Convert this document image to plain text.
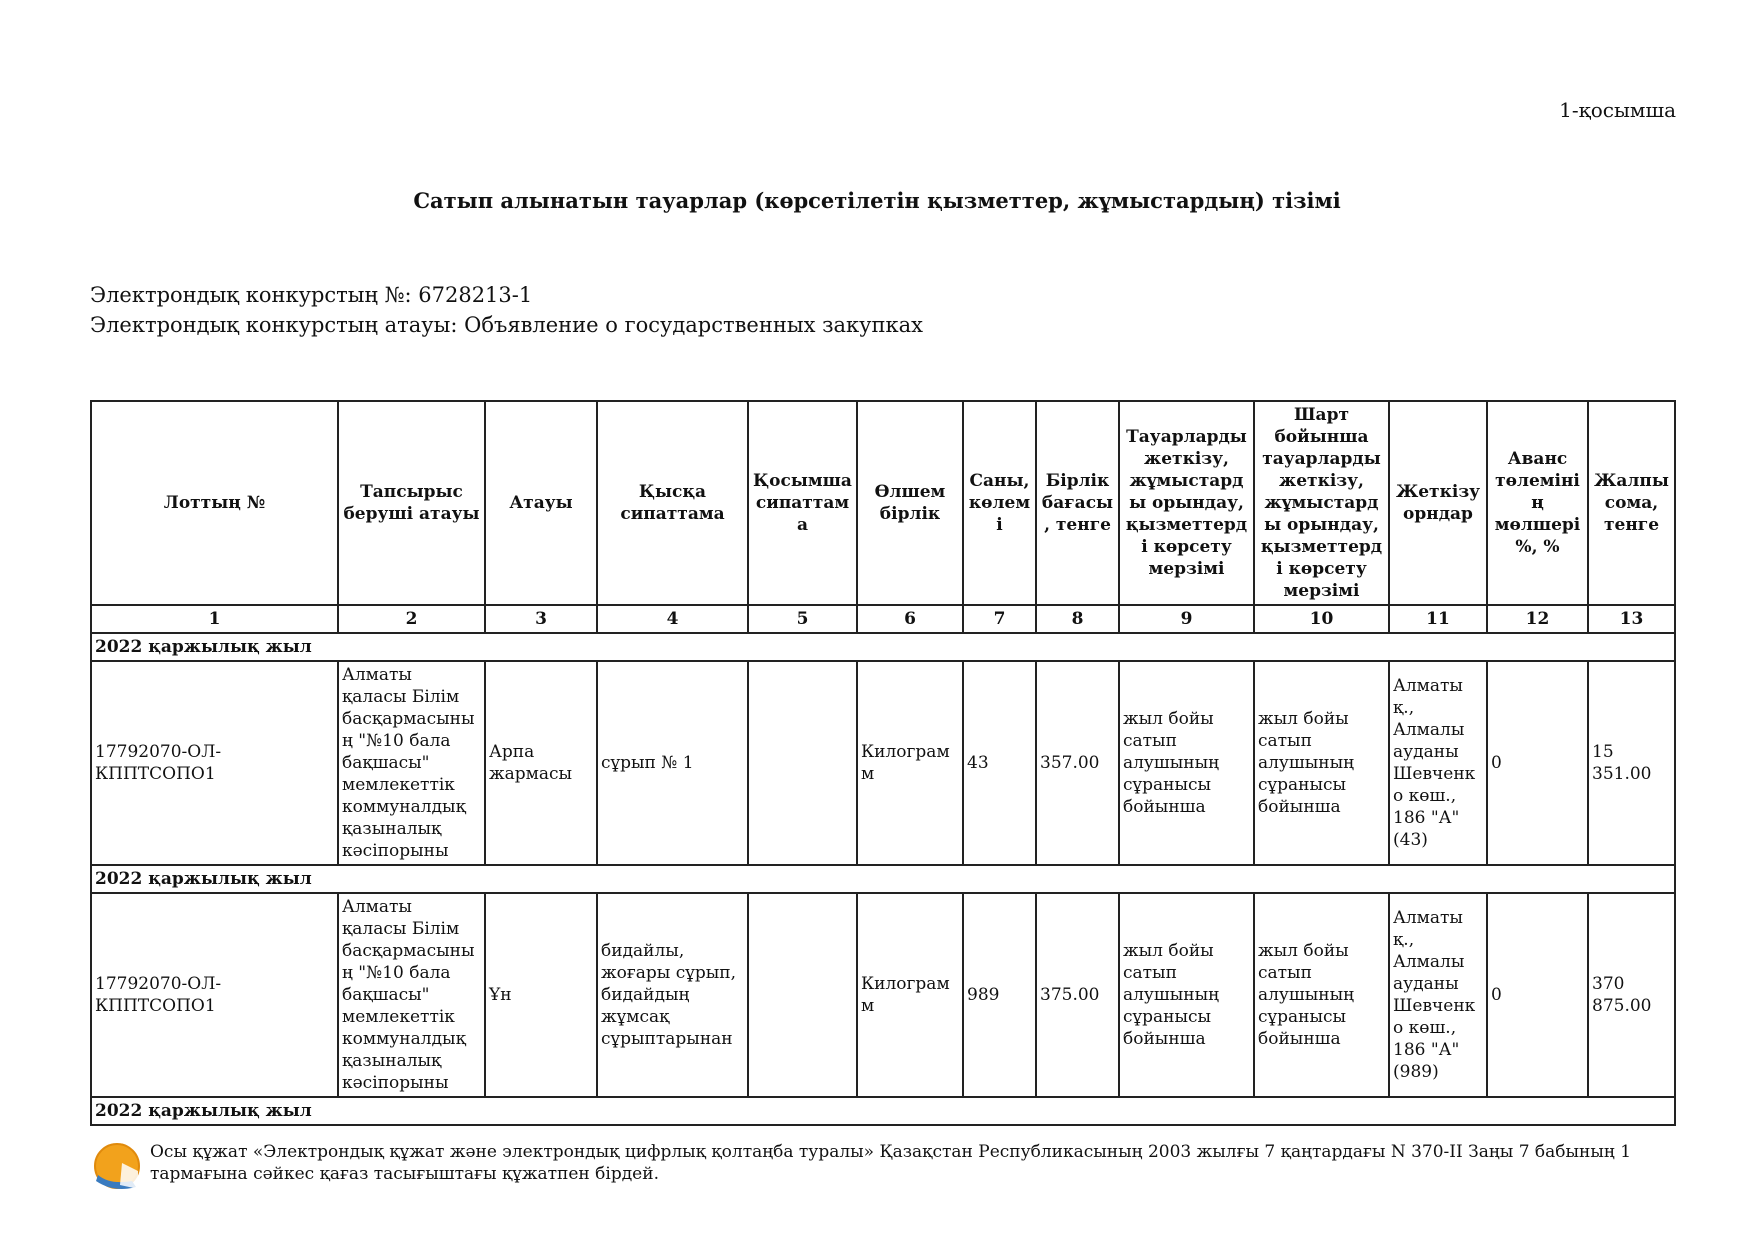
1-қосымша
Сатып алынатын тауарлар (көрсетілетін қызметтер, жұмыстардың) тізімі
Электрондық конкурстың №: 6728213-1
Электрондық конкурстың атауы: Объявление о государственных закупках
Лоттың №	Тапсырыс беруші атауы	Атауы	Қысқа сипаттама	Қосымша сипаттама	Өлшем бірлік	Саны, көлемі	Бірлік бағасы, тенге	Тауарларды жеткізу, жұмыстарды орындау, қызметтерді көрсету мерзімі	Шарт бойынша тауарларды жеткізу, жұмыстарды орындау, қызметтерді көрсету мерзімі	Жеткізу орндар	Аванс төлемінің мөлшері %, %	Жалпы сома, тенге
1	2	3	4	5	6	7	8	9	10	11	12	13
2022 қаржылық жыл												
17792070-ОЛ-КППТСОПО1	Алматы қаласы Білім басқармасының "№10 бала бақшасы" мемлекеттік коммуналдық қазыналық кәсіпорыны	Арпа жармасы	сұрып № 1		Килограмм	43	357.00	жыл бойы сатып алушының сұранысы бойынша	жыл бойы сатып алушының сұранысы бойынша	Алматы қ., Алмалы ауданы Шевченко көш., 186 "А" (43)	0	15 351.00
2022 қаржылық жыл												
17792070-ОЛ-КППТСОПО1	Алматы қаласы Білім басқармасының "№10 бала бақшасы" мемлекеттік коммуналдық қазыналық кәсіпорыны	Ұн	бидайлы, жоғары сұрып, бидайдың жұмсақ сұрыптарынан		Килограмм	989	375.00	жыл бойы сатып алушының сұранысы бойынша	жыл бойы сатып алушының сұранысы бойынша	Алматы қ., Алмалы ауданы Шевченко көш., 186 "А" (989)	0	370 875.00
2022 қаржылық жыл												
Осы құжат «Электрондық құжат және электрондық цифрлық қолтаңба туралы» Қазақстан Республикасының 2003 жылғы 7 қаңтардағы N 370-II Заңы 7 бабының 1 тармағына сәйкес қағаз тасығыштағы құжатпен бірдей.
